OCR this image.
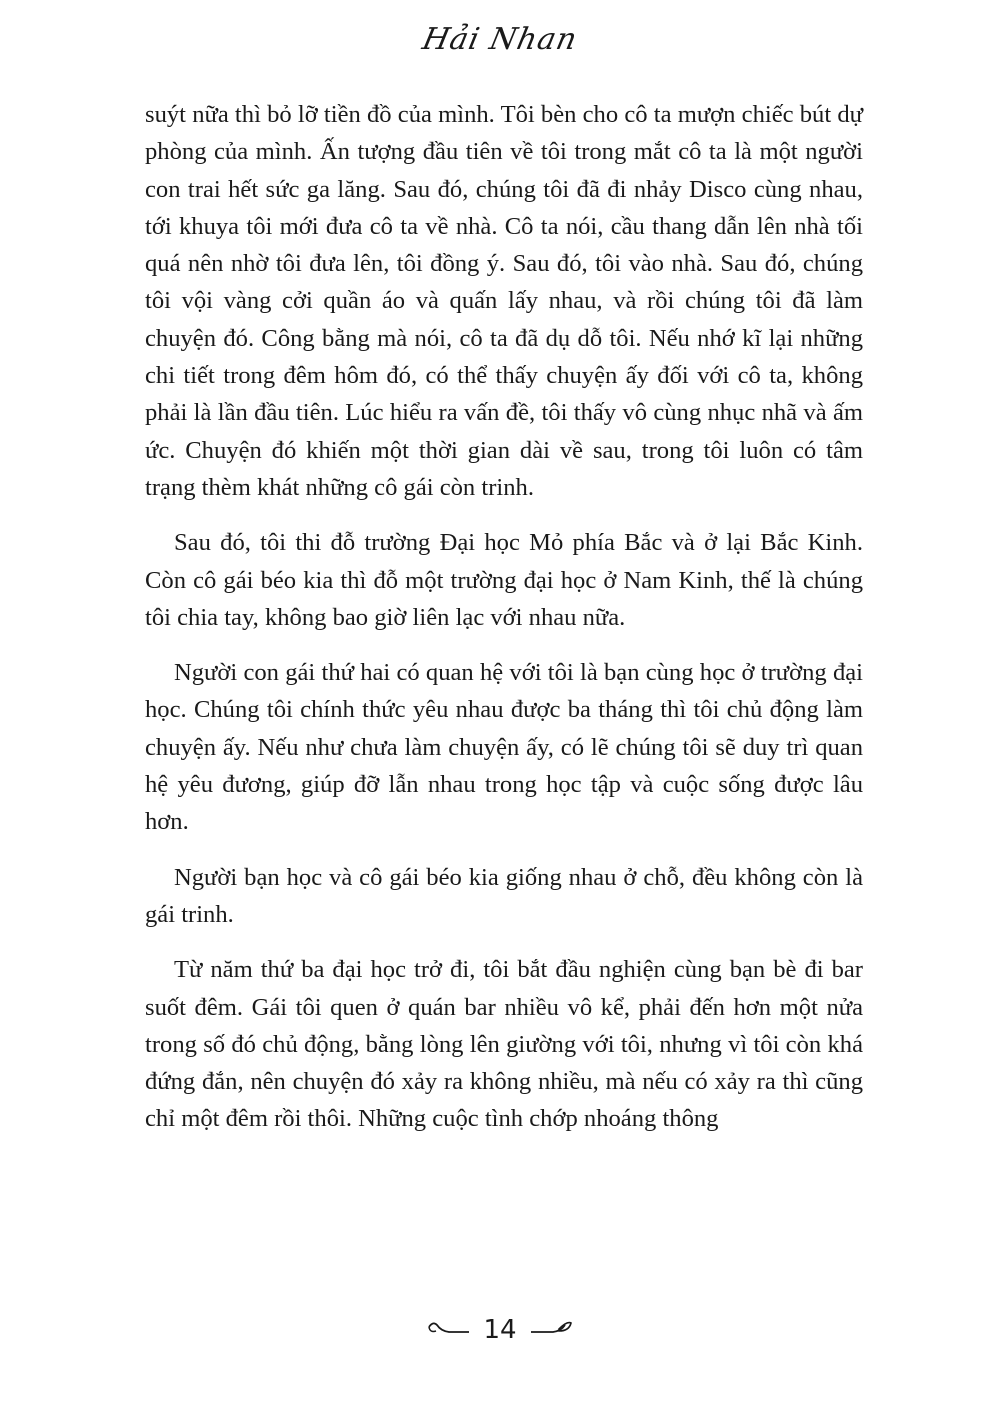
Hải Nhan

suýt nữa thì bỏ lỡ tiền đồ của mình. Tôi bèn cho cô ta mượn chiếc bút dự phòng của mình. Ấn tượng đầu tiên về tôi trong mắt cô ta là một người con trai hết sức ga lăng. Sau đó, chúng tôi đã đi nhảy Disco cùng nhau, tới khuya tôi mới đưa cô ta về nhà. Cô ta nói, cầu thang dẫn lên nhà tối quá nên nhờ tôi đưa lên, tôi đồng ý. Sau đó, tôi vào nhà. Sau đó, chúng tôi vội vàng cởi quần áo và quấn lấy nhau, và rồi chúng tôi đã làm chuyện đó. Công bằng mà nói, cô ta đã dụ dỗ tôi. Nếu nhớ kĩ lại những chi tiết trong đêm hôm đó, có thể thấy chuyện ấy đối với cô ta, không phải là lần đầu tiên. Lúc hiểu ra vấn đề, tôi thấy vô cùng nhục nhã và ấm ức. Chuyện đó khiến một thời gian dài về sau, trong tôi luôn có tâm trạng thèm khát những cô gái còn trinh.

Sau đó, tôi thi đỗ trường Đại học Mỏ phía Bắc và ở lại Bắc Kinh. Còn cô gái béo kia thì đỗ một trường đại học ở Nam Kinh, thế là chúng tôi chia tay, không bao giờ liên lạc với nhau nữa.

Người con gái thứ hai có quan hệ với tôi là bạn cùng học ở trường đại học. Chúng tôi chính thức yêu nhau được ba tháng thì tôi chủ động làm chuyện ấy. Nếu như chưa làm chuyện ấy, có lẽ chúng tôi sẽ duy trì quan hệ yêu đương, giúp đỡ lẫn nhau trong học tập và cuộc sống được lâu hơn.

Người bạn học và cô gái béo kia giống nhau ở chỗ, đều không còn là gái trinh.

Từ năm thứ ba đại học trở đi, tôi bắt đầu nghiện cùng bạn bè đi bar suốt đêm. Gái tôi quen ở quán bar nhiều vô kể, phải đến hơn một nửa trong số đó chủ động, bằng lòng lên giường với tôi, nhưng vì tôi còn khá đứng đắn, nên chuyện đó xảy ra không nhiều, mà nếu có xảy ra thì cũng chỉ một đêm rồi thôi. Những cuộc tình chớp nhoáng thông

14
